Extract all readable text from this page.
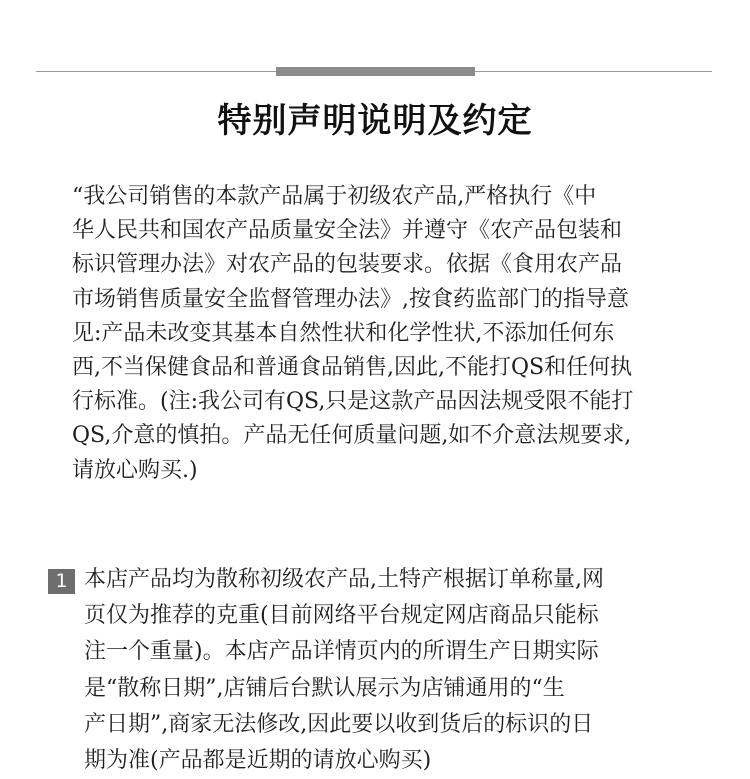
特别声明说明及约定
“我公司销售的本款产品属于初级农产品,严格执行《中
华人民共和国农产品质量安全法》并遵守《农产品包装和
标识管理办法》对农产品的包装要求。依据《食用农产品
市场销售质量安全监督管理办法》,按食药监部门的指导意
见:产品未改变其基本自然性状和化学性状,不添加任何东
西,不当保健食品和普通食品销售,因此,不能打QS和任何执
行标准。(注:我公司有QS,只是这款产品因法规受限不能打
QS,介意的慎拍。产品无任何质量问题,如不介意法规要求,
请放心购买.)
1 本店产品均为散称初级农产品,土特产根据订单称量,网
页仅为推荐的克重(目前网络平台规定网店商品只能标
注一个重量)。本店产品详情页内的所谓生产日期实际
是“散称日期”,店铺后台默认展示为店铺通用的“生
产日期”,商家无法修改,因此要以收到货后的标识的日
期为准(产品都是近期的请放心购买)
